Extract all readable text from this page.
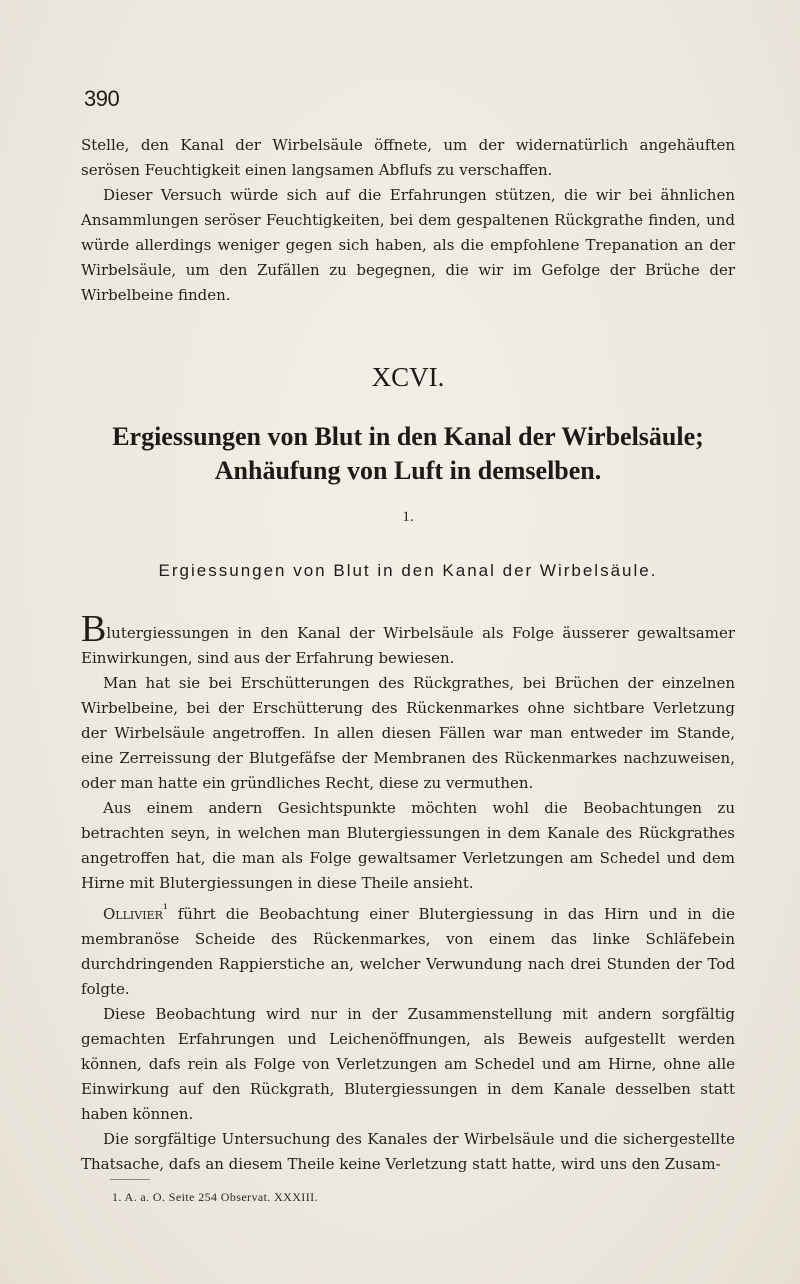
390

Stelle, den Kanal der Wirbelsäule öffnete, um der widernatürlich angehäuften serösen Feuchtigkeit einen langsamen Abflufs zu verschaffen.

Dieser Versuch würde sich auf die Erfahrungen stützen, die wir bei ähnlichen Ansammlungen seröser Feuchtigkeiten, bei dem gespaltenen Rückgrathe finden, und würde allerdings weniger gegen sich haben, als die empfohlene Trepanation an der Wirbelsäule, um den Zufällen zu begegnen, die wir im Gefolge der Brüche der Wirbelbeine finden.

XCVI.
Ergiessungen von Blut in den Kanal der Wirbelsäule; Anhäufung von Luft in demselben.
1.
Ergiessungen von Blut in den Kanal der Wirbelsäule.

Blutergiessungen in den Kanal der Wirbelsäule als Folge äusserer gewaltsamer Einwirkungen, sind aus der Erfahrung bewiesen.

Man hat sie bei Erschütterungen des Rückgrathes, bei Brüchen der einzelnen Wirbelbeine, bei der Erschütterung des Rückenmarkes ohne sichtbare Verletzung der Wirbelsäule angetroffen. In allen diesen Fällen war man entweder im Stande, eine Zerreissung der Blutgefäfse der Membranen des Rückenmarkes nachzuweisen, oder man hatte ein gründliches Recht, diese zu vermuthen.

Aus einem andern Gesichtspunkte möchten wohl die Beobachtungen zu betrachten seyn, in welchen man Blutergiessungen in dem Kanale des Rückgrathes angetroffen hat, die man als Folge gewaltsamer Verletzungen am Schedel und dem Hirne mit Blutergiessungen in diese Theile ansieht.

Ollivier$^{^1}$ führt die Beobachtung einer Blutergiessung in das Hirn und in die membranöse Scheide des Rückenmarkes, von einem das linke Schläfebein durchdringenden Rappierstiche an, welcher Verwundung nach drei Stunden der Tod folgte.

Diese Beobachtung wird nur in der Zusammenstellung mit andern sorgfältig gemachten Erfahrungen und Leichenöffnungen, als Beweis aufgestellt werden können, dafs rein als Folge von Verletzungen am Schedel und am Hirne, ohne alle Einwirkung auf den Rückgrath, Blutergiessungen in dem Kanale desselben statt haben können.

Die sorgfältige Untersuchung des Kanales der Wirbelsäule und die sichergestellte Thatsache, dafs an diesem Theile keine Verletzung statt hatte, wird uns den Zusam-

1. A. a. O. Seite 254 Observat. XXXIII.
